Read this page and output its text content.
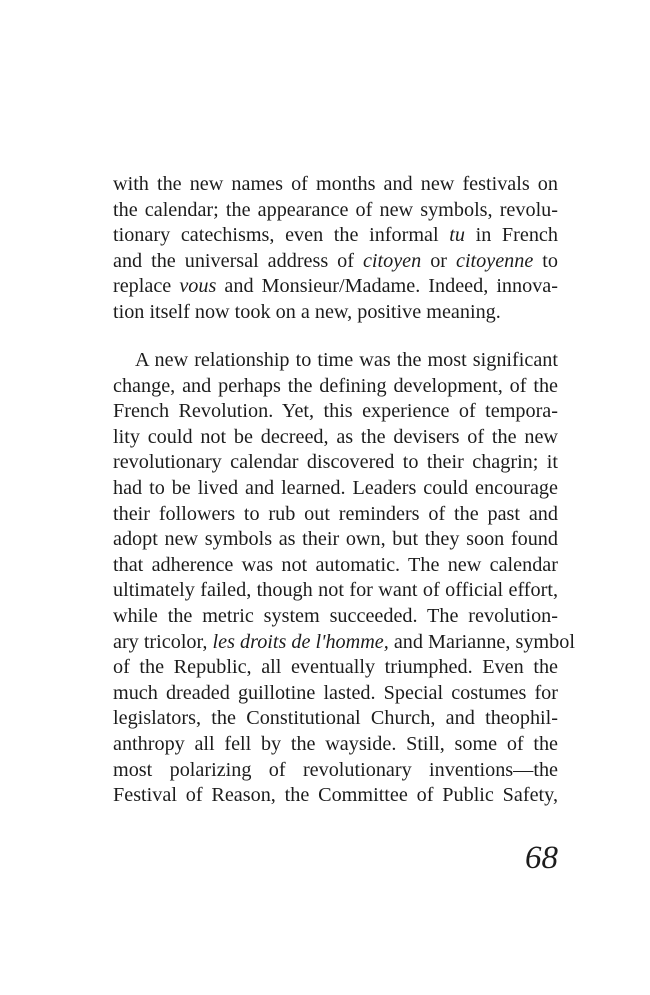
with the new names of months and new festivals on
the calendar; the appearance of new symbols, revolu-
tionary catechisms, even the informal tu in French
and the universal address of citoyen or citoyenne to
replace vous and Monsieur/Madame. Indeed, innova-
tion itself now took on a new, positive meaning.
A new relationship to time was the most significant
change, and perhaps the defining development, of the
French Revolution. Yet, this experience of tempora-
lity could not be decreed, as the devisers of the new
revolutionary calendar discovered to their chagrin; it
had to be lived and learned. Leaders could encourage
their followers to rub out reminders of the past and
adopt new symbols as their own, but they soon found
that adherence was not automatic. The new calendar
ultimately failed, though not for want of official effort,
while the metric system succeeded. The revolution-
ary tricolor, les droits de l'homme, and Marianne, symbol
of the Republic, all eventually triumphed. Even the
much dreaded guillotine lasted. Special costumes for
legislators, the Constitutional Church, and theophil-
anthropy all fell by the wayside. Still, some of the
most polarizing of revolutionary inventions—the
Festival of Reason, the Committee of Public Safety,
68
